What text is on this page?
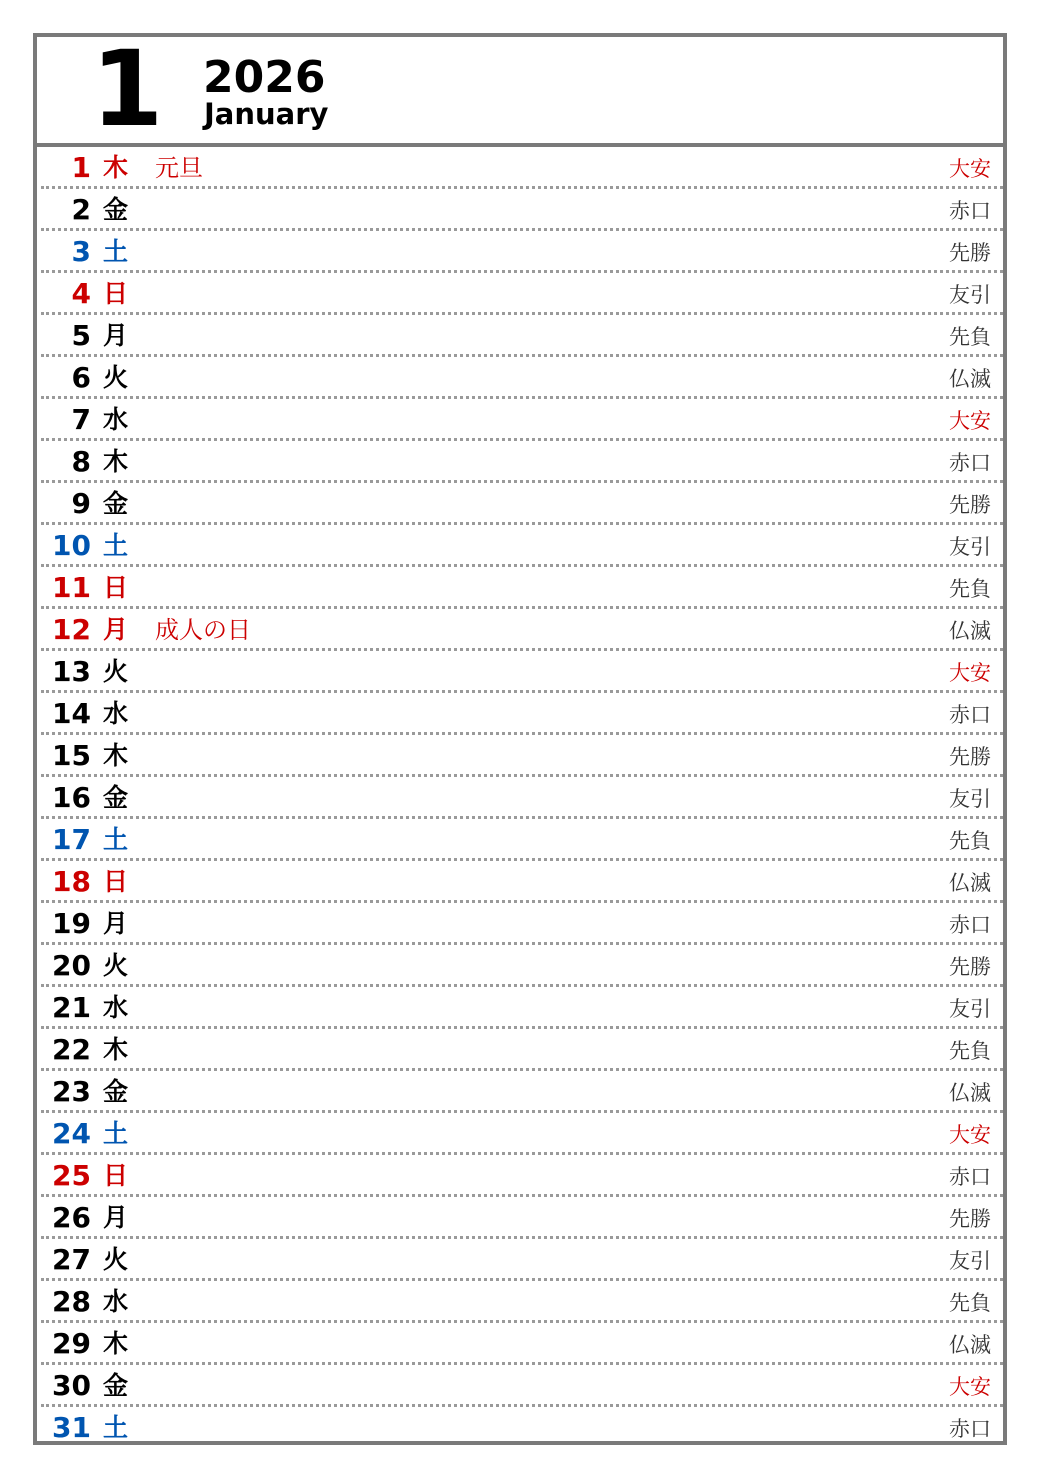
1 2026
January
1 木 元旦	大安
2 金	赤口
3 土	先勝
4 日	友引
5 月	先負
6 火	仏滅
7 水	大安
8 木	赤口
9 金	先勝
10 土	友引
11 日	先負
12 月 成人の日	仏滅
13 火	大安
14 水	赤口
15 木	先勝
16 金	友引
17 土	先負
18 日	仏滅
19 月	赤口
20 火	先勝
21 水	友引
22 木	先負
23 金	仏滅
24 土	大安
25 日	赤口
26 月	先勝
27 火	友引
28 水	先負
29 木	仏滅
30 金	大安
31 土	赤口
